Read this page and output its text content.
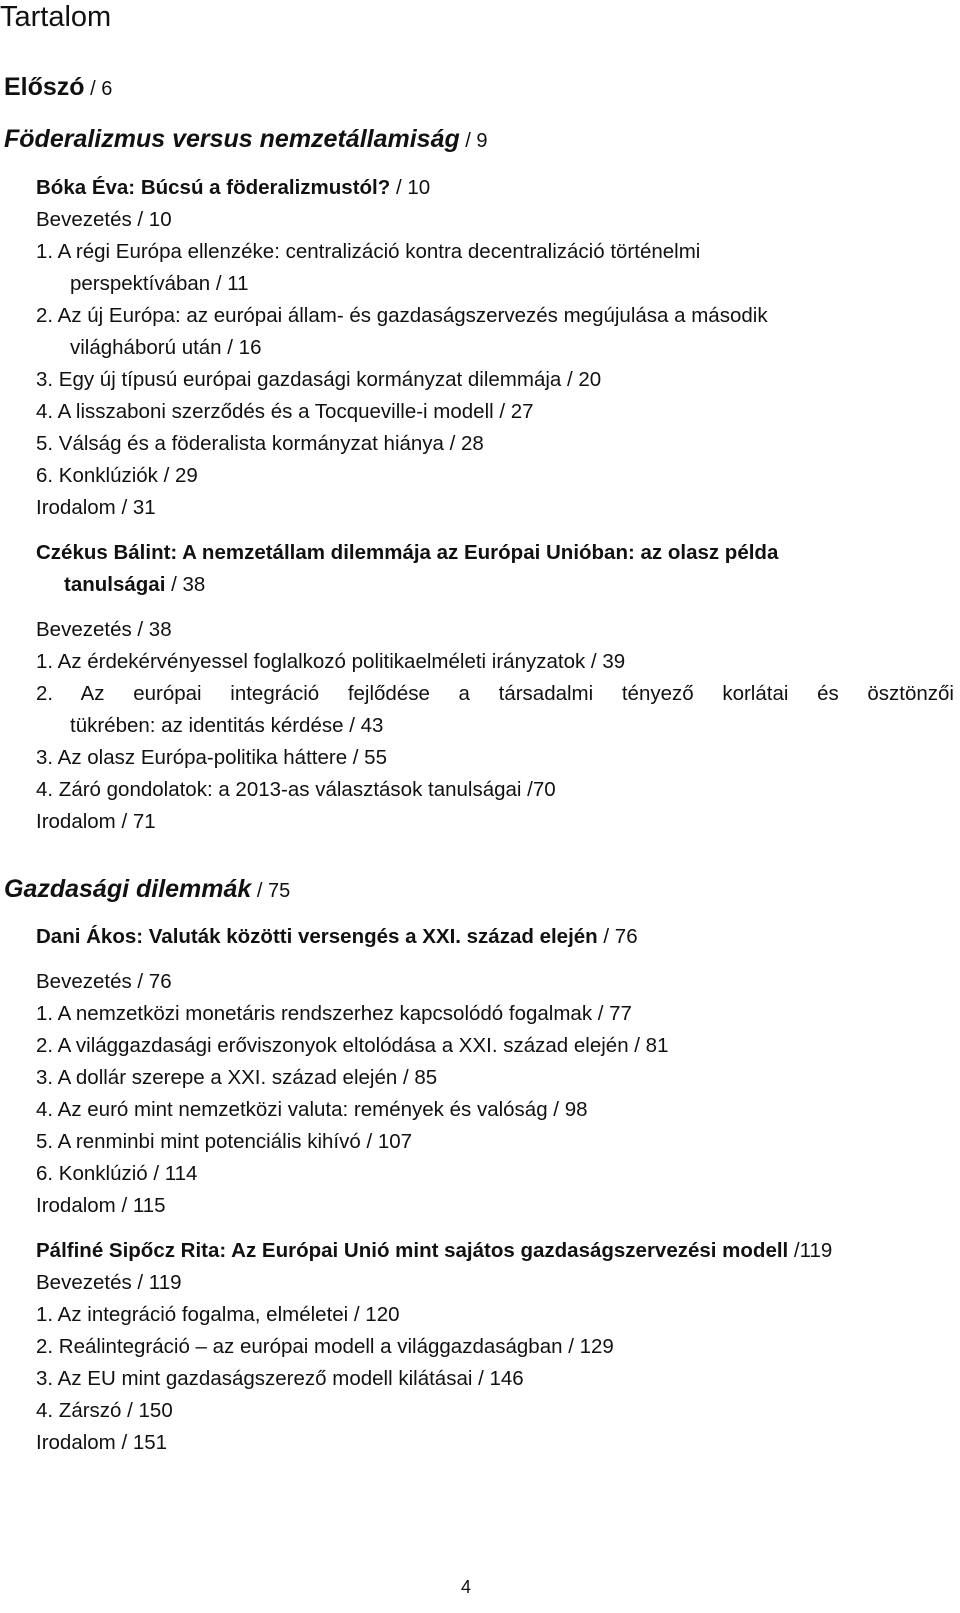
Tartalom
Előszó / 6
Föderalizmus versus nemzetállamiság / 9
Bóka Éva: Búcsú a föderalizmustól? / 10
Bevezetés / 10
1. A régi Európa ellenzéke: centralizáció kontra decentralizáció történelmi
perspektívában / 11
2. Az új Európa: az európai állam- és gazdaságszervezés megújulása a második
világháború után / 16
3. Egy új típusú európai gazdasági kormányzat dilemmája / 20
4. A lisszaboni szerződés és a Tocqueville-i modell / 27
5. Válság és a föderalista kormányzat hiánya / 28
6. Konklúziók / 29
Irodalom / 31
Czékus Bálint: A nemzetállam dilemmája az Európai Unióban: az olasz példa
tanulságai / 38
Bevezetés / 38
1. Az érdekérvényessel foglalkozó politikaelméleti irányzatok / 39
2. Az európai integráció fejlődése a társadalmi tényező korlátai és ösztönzői
tükrében: az identitás kérdése / 43
3. Az olasz Európa-politika háttere / 55
4. Záró gondolatok: a 2013-as választások tanulságai /70
Irodalom / 71
Gazdasági dilemmák / 75
Dani Ákos: Valuták közötti versengés a XXI. század elején / 76
Bevezetés / 76
1. A nemzetközi monetáris rendszerhez kapcsolódó fogalmak / 77
2. A világgazdasági erőviszonyok eltolódása a XXI. század elején / 81
3. A dollár szerepe a XXI. század elején / 85
4. Az euró mint nemzetközi valuta: remények és valóság / 98
5. A renminbi mint potenciális kihívó / 107
6. Konklúzió / 114
Irodalom / 115
Pálfiné Sipőcz Rita: Az Európai Unió mint sajátos gazdaságszervezési modell /119
Bevezetés / 119
1. Az integráció fogalma, elméletei / 120
2. Reálintegráció – az európai modell a világgazdaságban / 129
3. Az EU mint gazdaságszerező modell kilátásai / 146
4. Zárszó / 150
Irodalom / 151
4
